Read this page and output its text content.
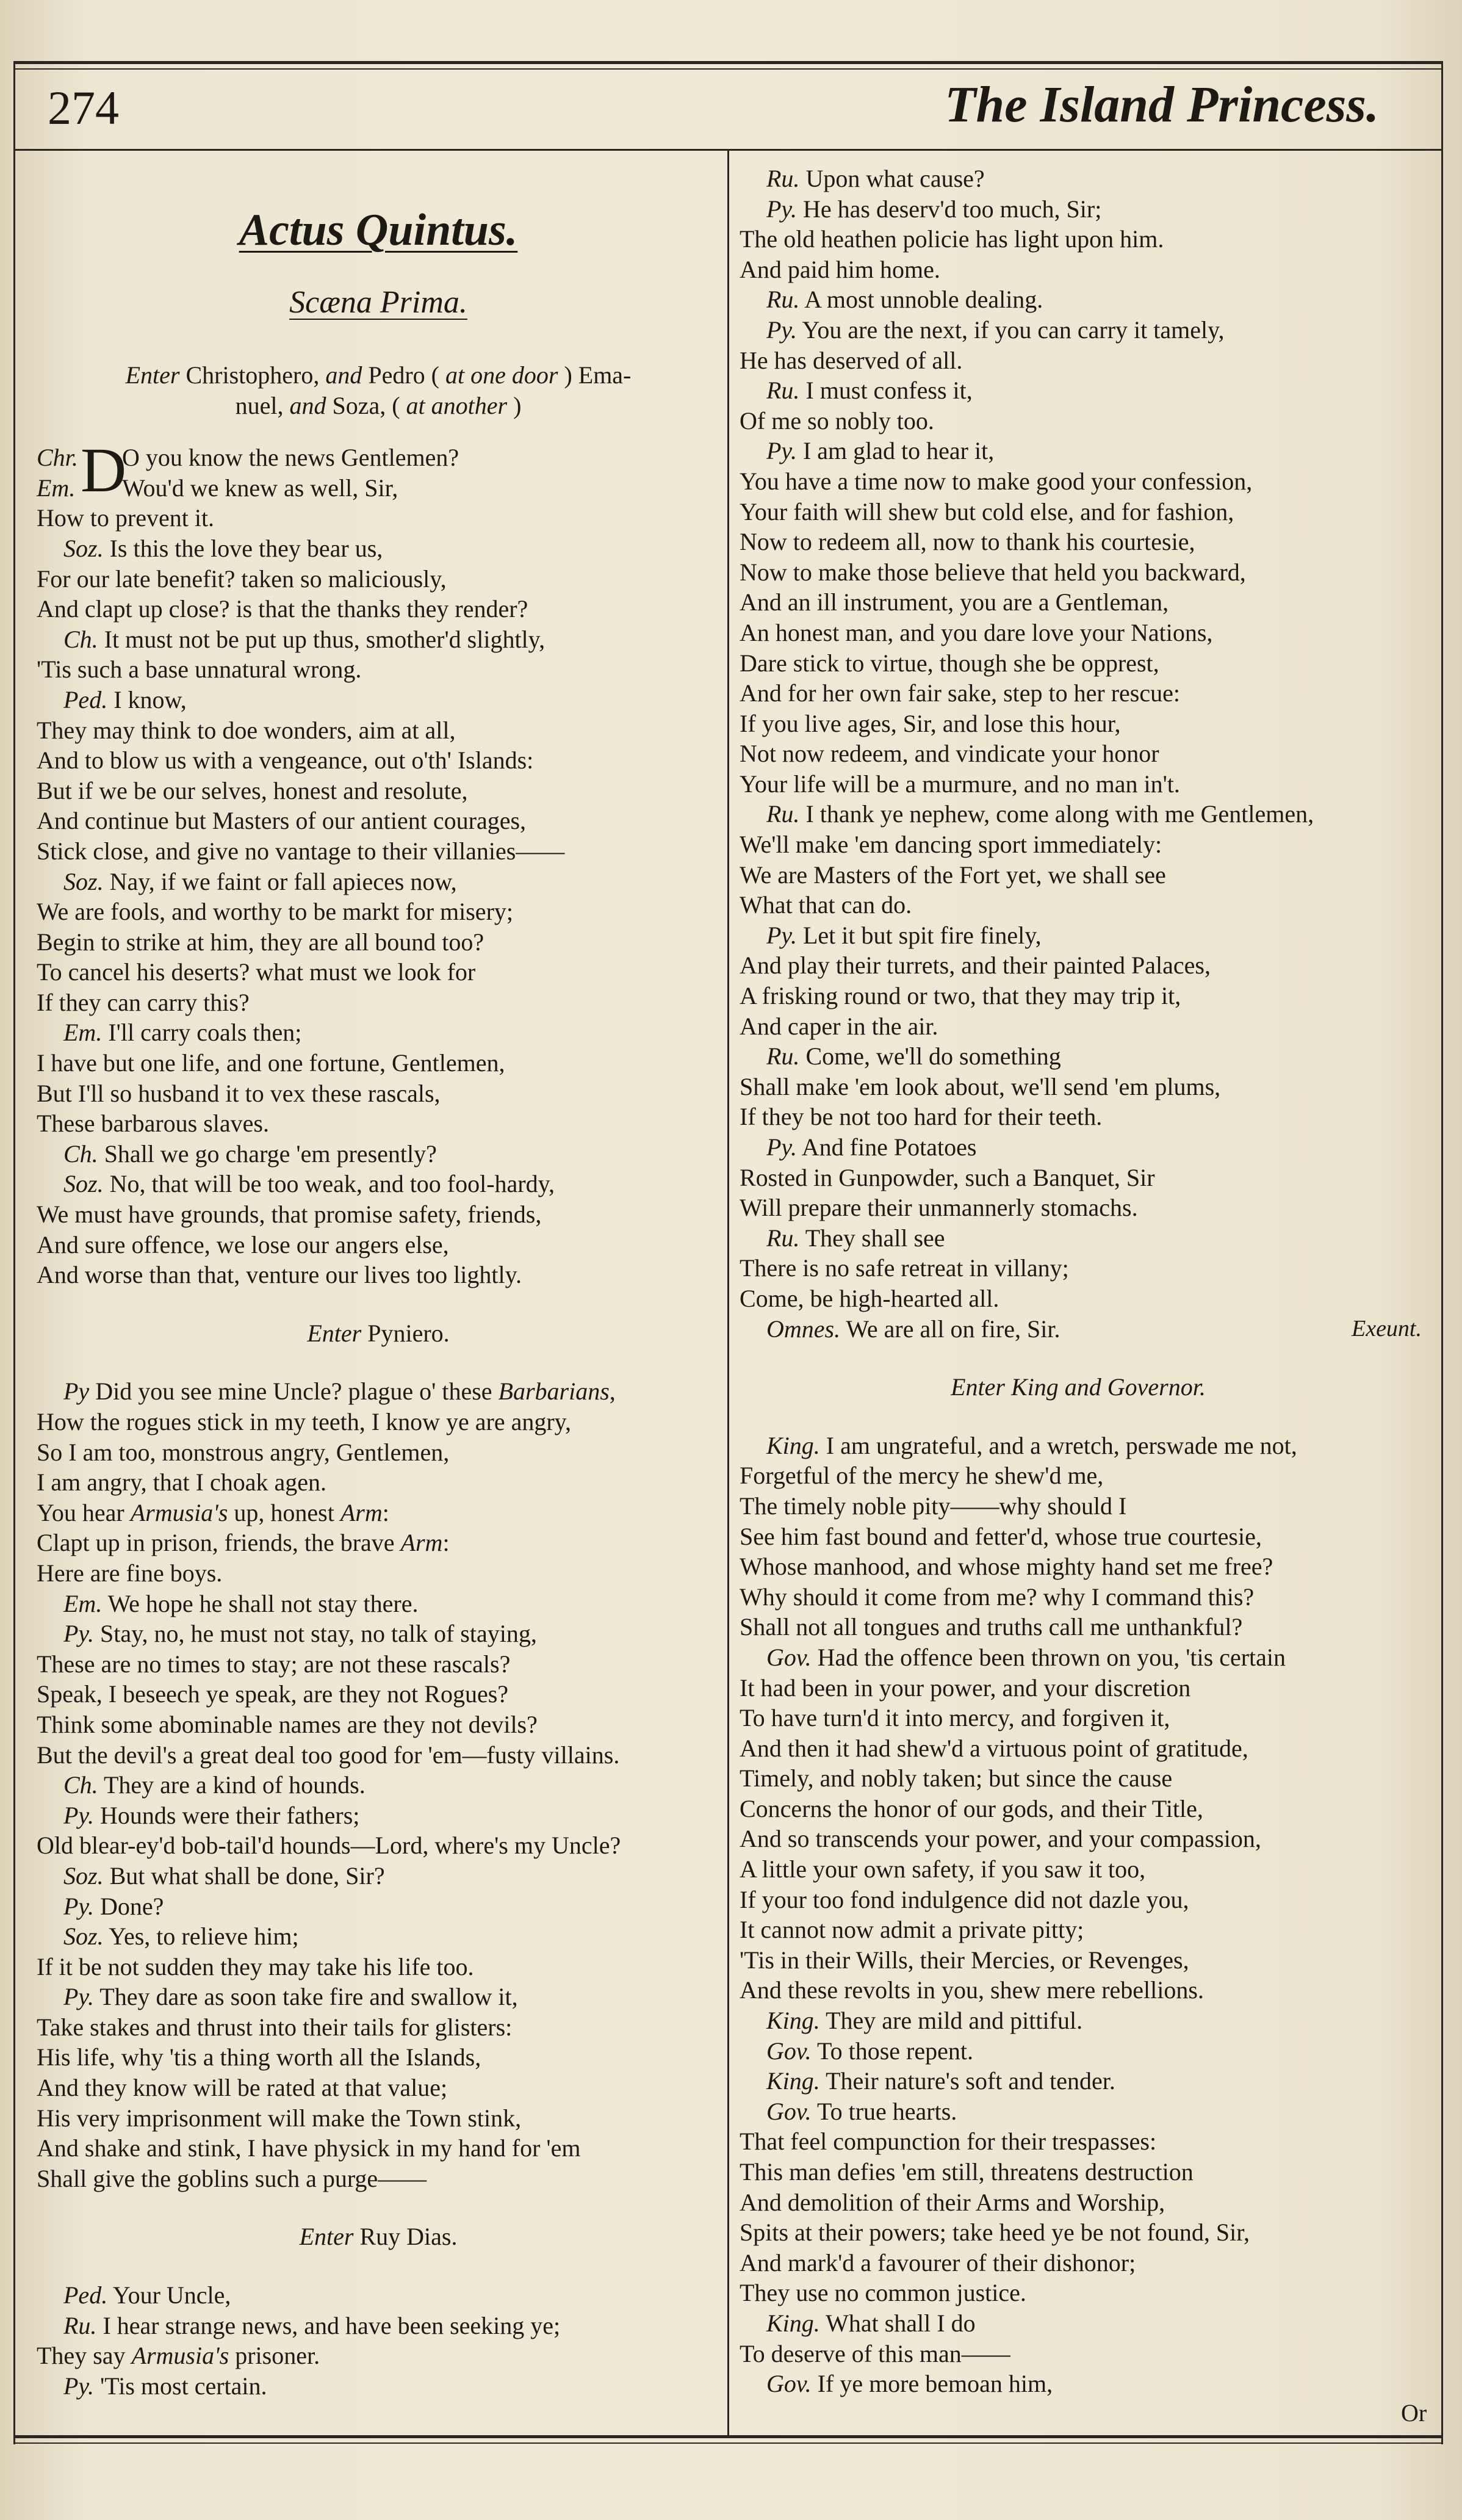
274	The Island Princess.
Actus Quintus.
Scæna Prima.
Enter Christophero, and Pedro ( at one door ) Ema-
nuel, and Soza, ( at another )
D
Chr. O you know the news Gentlemen?
Em. Wou'd we knew as well, Sir,
How to prevent it.
Soz. Is this the love they bear us,
For our late benefit? taken so maliciously,
And clapt up close? is that the thanks they render?
Ch. It must not be put up thus, smother'd slightly,
'Tis such a base unnatural wrong.
Ped. I know,
They may think to doe wonders, aim at all,
And to blow us with a vengeance, out o'th' Islands:
But if we be our selves, honest and resolute,
And continue but Masters of our antient courages,
Stick close, and give no vantage to their villanies——
Soz. Nay, if we faint or fall apieces now,
We are fools, and worthy to be markt for misery;
Begin to strike at him, they are all bound too?
To cancel his deserts? what must we look for
If they can carry this?
Em. I'll carry coals then;
I have but one life, and one fortune, Gentlemen,
But I'll so husband it to vex these rascals,
These barbarous slaves.
Ch. Shall we go charge 'em presently?
Soz. No, that will be too weak, and too fool-hardy,
We must have grounds, that promise safety, friends,
And sure offence, we lose our angers else,
And worse than that, venture our lives too lightly.
Enter Pyniero.
Py Did you see mine Uncle? plague o' these Barbarians,
How the rogues stick in my teeth, I know ye are angry,
So I am too, monstrous angry, Gentlemen,
I am angry, that I choak agen.
You hear Armusia's up, honest Arm:
Clapt up in prison, friends, the brave Arm:
Here are fine boys.
Em. We hope he shall not stay there.
Py. Stay, no, he must not stay, no talk of staying,
These are no times to stay; are not these rascals?
Speak, I beseech ye speak, are they not Rogues?
Think some abominable names are they not devils?
But the devil's a great deal too good for 'em—fusty villains.
Ch. They are a kind of hounds.
Py. Hounds were their fathers;
Old blear-ey'd bob-tail'd hounds—Lord, where's my Uncle?
Soz. But what shall be done, Sir?
Py. Done?
Soz. Yes, to relieve him;
If it be not sudden they may take his life too.
Py. They dare as soon take fire and swallow it,
Take stakes and thrust into their tails for glisters:
His life, why 'tis a thing worth all the Islands,
And they know will be rated at that value;
His very imprisonment will make the Town stink,
And shake and stink, I have physick in my hand for 'em
Shall give the goblins such a purge——
Enter Ruy Dias.
Ped. Your Uncle,
Ru. I hear strange news, and have been seeking ye;
They say Armusia's prisoner.
Py. 'Tis most certain.
Ru. Upon what cause?
Py. He has deserv'd too much, Sir;
The old heathen policie has light upon him.
And paid him home.
Ru. A most unnoble dealing.
Py. You are the next, if you can carry it tamely,
He has deserved of all.
Ru. I must confess it,
Of me so nobly too.
Py. I am glad to hear it,
You have a time now to make good your confession,
Your faith will shew but cold else, and for fashion,
Now to redeem all, now to thank his courtesie,
Now to make those believe that held you backward,
And an ill instrument, you are a Gentleman,
An honest man, and you dare love your Nations,
Dare stick to virtue, though she be opprest,
And for her own fair sake, step to her rescue:
If you live ages, Sir, and lose this hour,
Not now redeem, and vindicate your honor
Your life will be a murmure, and no man in't.
Ru. I thank ye nephew, come along with me Gentlemen,
We'll make 'em dancing sport immediately:
We are Masters of the Fort yet, we shall see
What that can do.
Py. Let it but spit fire finely,
And play their turrets, and their painted Palaces,
A frisking round or two, that they may trip it,
And caper in the air.
Ru. Come, we'll do something
Shall make 'em look about, we'll send 'em plums,
If they be not too hard for their teeth.
Py. And fine Potatoes
Rosted in Gunpowder, such a Banquet, Sir
Will prepare their unmannerly stomachs.
Ru. They shall see
There is no safe retreat in villany;
Come, be high-hearted all.
Omnes. We are all on fire, Sir.	Exeunt.
Enter King and Governor.
King. I am ungrateful, and a wretch, perswade me not,
Forgetful of the mercy he shew'd me,
The timely noble pity——why should I
See him fast bound and fetter'd, whose true courtesie,
Whose manhood, and whose mighty hand set me free?
Why should it come from me? why I command this?
Shall not all tongues and truths call me unthankful?
Gov. Had the offence been thrown on you, 'tis certain
It had been in your power, and your discretion
To have turn'd it into mercy, and forgiven it,
And then it had shew'd a virtuous point of gratitude,
Timely, and nobly taken; but since the cause
Concerns the honor of our gods, and their Title,
And so transcends your power, and your compassion,
A little your own safety, if you saw it too,
If your too fond indulgence did not dazle you,
It cannot now admit a private pitty;
'Tis in their Wills, their Mercies, or Revenges,
And these revolts in you, shew mere rebellions.
King. They are mild and pittiful.
Gov. To those repent.
King. Their nature's soft and tender.
Gov. To true hearts.
That feel compunction for their trespasses:
This man defies 'em still, threatens destruction
And demolition of their Arms and Worship,
Spits at their powers; take heed ye be not found, Sir,
And mark'd a favourer of their dishonor;
They use no common justice.
King. What shall I do
To deserve of this man——
Gov. If ye more bemoan him,
Or
